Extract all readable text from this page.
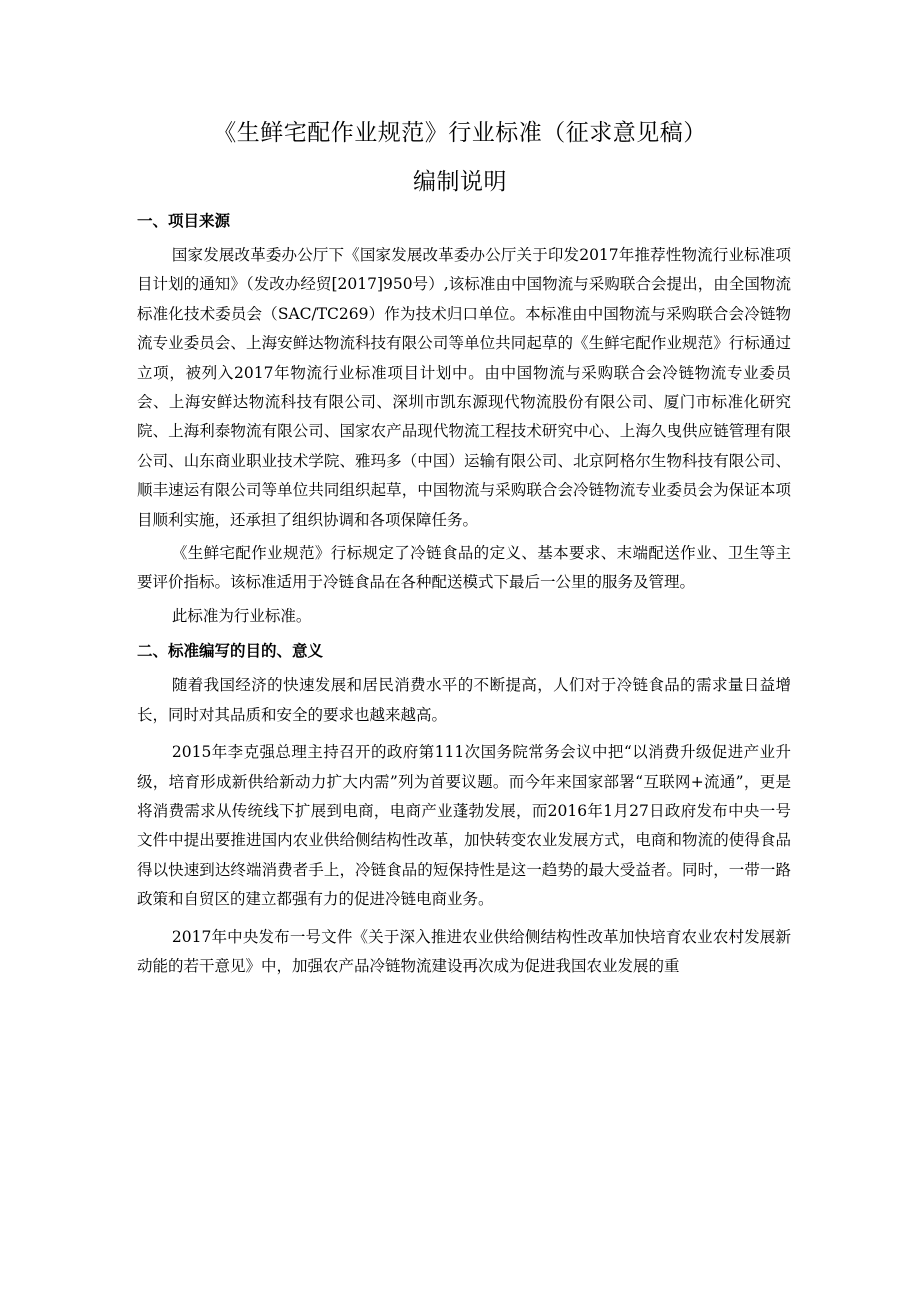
《生鲜宅配作业规范》行业标准（征求意见稿）
编制说明
一、项目来源

国家发展改革委办公厅下《国家发展改革委办公厅关于印发2017年推荐性物流行业标准项目计划的通知》（发改办经贸[2017]950号）,该标准由中国物流与采购联合会提出，由全国物流标准化技术委员会（SAC/TC269）作为技术归口单位。本标准由中国物流与采购联合会冷链物流专业委员会、上海安鲜达物流科技有限公司等单位共同起草的《生鲜宅配作业规范》行标通过立项，被列入2017年物流行业标准项目计划中。由中国物流与采购联合会冷链物流专业委员会、上海安鲜达物流科技有限公司、深圳市凯东源现代物流股份有限公司、厦门市标准化研究院、上海利泰物流有限公司、国家农产品现代物流工程技术研究中心、上海久曳供应链管理有限公司、山东商业职业技术学院、雅玛多（中国）运输有限公司、北京阿格尔生物科技有限公司、顺丰速运有限公司等单位共同组织起草，中国物流与采购联合会冷链物流专业委员会为保证本项目顺利实施，还承担了组织协调和各项保障任务。

《生鲜宅配作业规范》行标规定了冷链食品的定义、基本要求、末端配送作业、卫生等主要评价指标。该标准适用于冷链食品在各种配送模式下最后一公里的服务及管理。

此标准为行业标准。

二、标准编写的目的、意义

随着我国经济的快速发展和居民消费水平的不断提高，人们对于冷链食品的需求量日益增长，同时对其品质和安全的要求也越来越高。

2015年李克强总理主持召开的政府第111次国务院常务会议中把“以消费升级促进产业升级，培育形成新供给新动力扩大内需”列为首要议题。而今年来国家部署“互联网+流通”，更是将消费需求从传统线下扩展到电商，电商产业蓬勃发展，而2016年1月27日政府发布中央一号文件中提出要推进国内农业供给侧结构性改革，加快转变农业发展方式，电商和物流的使得食品得以快速到达终端消费者手上，冷链食品的短保持性是这一趋势的最大受益者。同时，一带一路政策和自贸区的建立都强有力的促进冷链电商业务。

2017年中央发布一号文件《关于深入推进农业供给侧结构性改革加快培育农业农村发展新动能的若干意见》中，加强农产品冷链物流建设再次成为促进我国农业发展的重
